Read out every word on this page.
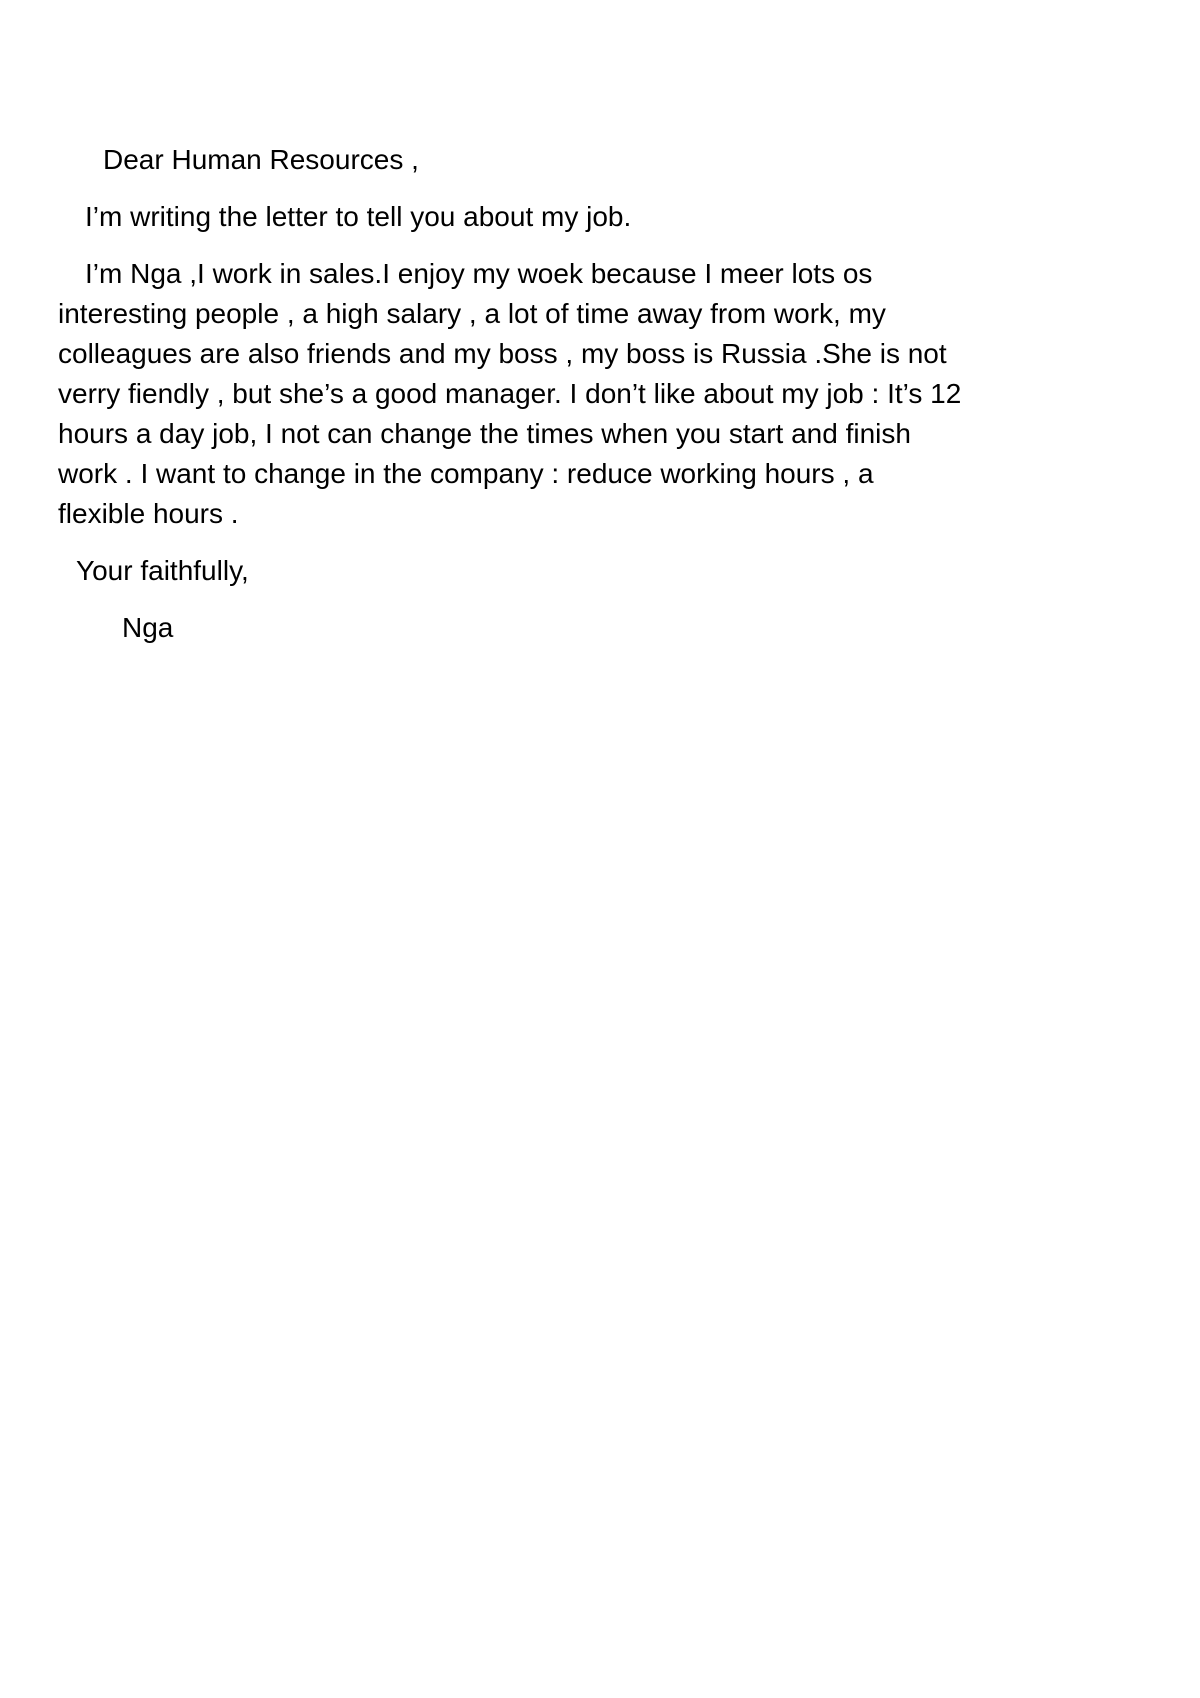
Dear Human Resources ,

I’m writing the letter to tell you about my job.

I’m Nga ,I work in sales.I enjoy my woek because I meer lots os
interesting people , a high salary , a lot of time away from work, my
colleagues are also friends and my boss , my boss is Russia .She is not
verry fiendly , but she’s a good manager. I don’t like about my job : It’s 12
hours a day job, I not can change the times when you start and finish
work . I want to change in the company : reduce working hours , a
flexible hours .

Your faithfully,

Nga
